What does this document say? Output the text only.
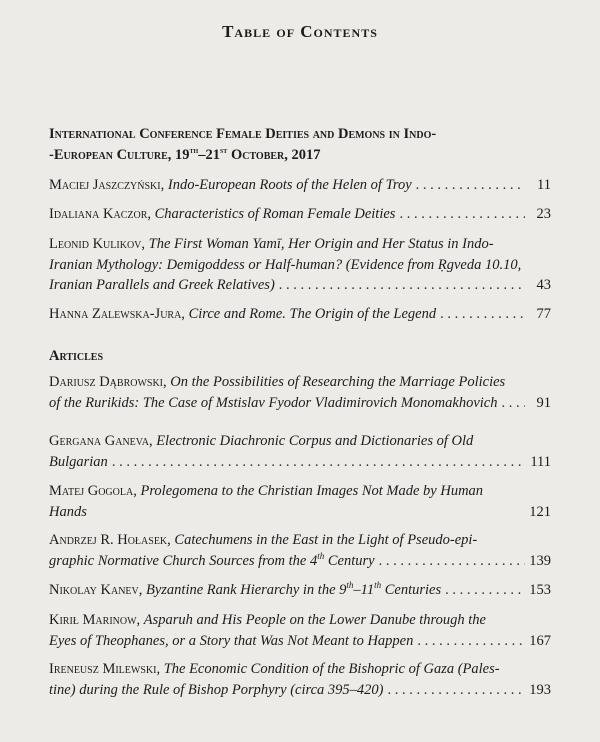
Table of Contents
International Conference Female Deities and Demons in Indo-
-European Culture, 19th–21st October, 2017
Maciej Jaszczyński,
Indo-European Roots of the Helen of Troy . . .	11
Idaliana Kaczor,
Characteristics of Roman Female Deities . . .	23
Leonid Kulikov,
The First Woman Yamī, Her Origin and Her Status in Indo-
Iranian Mythology: Demigoddess or Half-human? (Evidence from Ṛgveda 10.10,
Iranian Parallels and Greek Relatives) . . .	43
Hanna Zalewska-Jura,
Circe and Rome. The Origin of the Legend . . .	77
Articles
Dariusz Dąbrowski,
On the Possibilities of Researching the Marriage Policies
of the Rurikids: The Case of Mstislav Fyodor Vladimirovich Monomakhovich . . .	91
Gergana Ganeva,
Electronic Diachronic Corpus and Dictionaries of Old
Bulgarian . . .	111
Matej Gogola,
Prolegomena to the Christian Images Not Made by Human
Hands	121
Andrzej R. Hołasek,
Catechumens in the East in the Light of Pseudo-epi-
graphic Normative Church Sources from the 4th Century . . .	139
Nikolay Kanev,
Byzantine Rank Hierarchy in the 9th–11th Centuries . . .	153
Kirił Marinow,
Asparuh and His People on the Lower Danube through the
Eyes of Theophanes, or a Story that Was Not Meant to Happen . . .	167
Ireneusz Milewski,
The Economic Condition of the Bishopric of Gaza (Pales-
tine) during the Rule of Bishop Porphyry (circa 395–420) . . .	193
